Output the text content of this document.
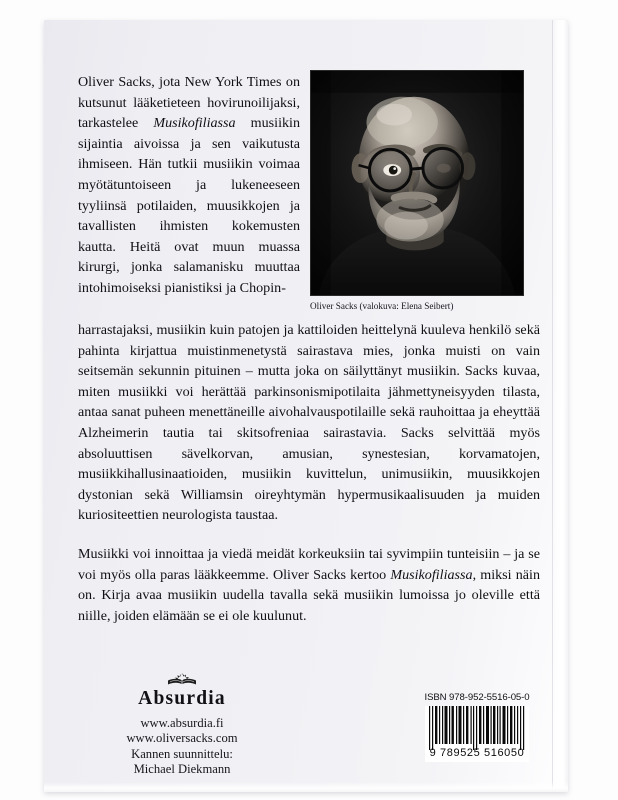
Oliver Sacks, jota New York Times on kutsunut lääketieteen hovirunoilijaksi, tarkastelee Musikofiliassa musiikin sijaintia aivoissa ja sen vaikutusta ihmiseen. Hän tutkii musiikin voimaa myötätuntoiseen ja lukeneeseen tyyliinsä potilaiden, muusikkojen ja tavallisten ihmisten kokemusten kautta. Heitä ovat muun muassa kirurgi, jonka salamanisku muuttaa intohimoiseksi pianistiksi ja Chopin-
Oliver Sacks (valokuva: Elena Seibert)
harrastajaksi, musiikin kuin patojen ja kattiloiden heittelynä kuuleva henkilö sekä pahinta kirjattua muistinmenetystä sairastava mies, jonka muisti on vain seitsemän sekunnin pituinen – mutta joka on säilyttänyt musiikin. Sacks kuvaa, miten musiikki voi herättää parkinsonismipotilaita jähmettyneisyyden tilasta, antaa sanat puheen menettäneille aivohalvauspotilaille sekä rauhoittaa ja eheyttää Alzheimerin tautia tai skitsofreniaa sairastavia. Sacks selvittää myös absoluuttisen sävelkorvan, amusian, synestesian, korvamatojen, musiikkihallusinaatioiden, musiikin kuvittelun, unimusiikin, muusikkojen dystonian sekä Williamsin oireyhtymän hypermusikaalisuuden ja muiden kuriositeettien neurologista taustaa.
Musiikki voi innoittaa ja viedä meidät korkeuksiin tai syvimpiin tunteisiin – ja se voi myös olla paras lääkkeemme. Oliver Sacks kertoo Musikofiliassa, miksi näin on. Kirja avaa musiikin uudella tavalla sekä musiikin lumoissa jo oleville että niille, joiden elämään se ei ole kuulunut.
Absurdia
www.absurdia.fi
www.oliversacks.com
Kannen suunnittelu:
Michael Diekmann
ISBN 978-952-5516-05-0
9 789525 516050
